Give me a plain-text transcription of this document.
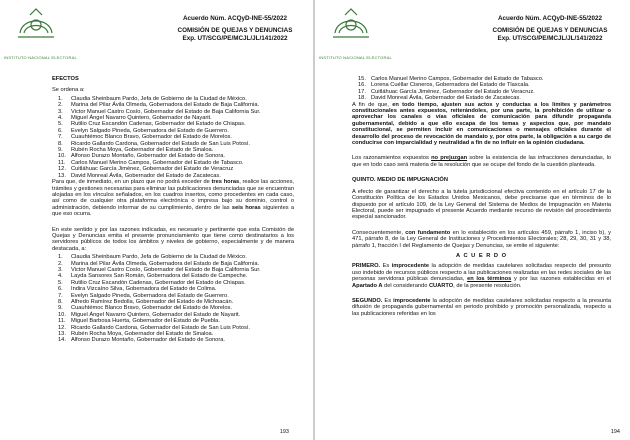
INSTITUTO NACIONAL ELECTORAL
Acuerdo Núm. ACQyD-INE-55/2022
COMISIÓN DE QUEJAS Y DENUNCIAS
Exp. UT/SCG/PE/MCJL/JL/141/2022
EFECTOS

Se ordena a:

1.	Claudia Sheinbaum Pardo, Jefa de Gobierno de la Ciudad de México.
2.	Marina del Pilar Ávila Olmeda, Gobernadora del Estado de Baja California.
3.	Victor Manuel Castro Cosío, Gobernador del Estado de Baja California Sur.
4.	Miguel Ángel Navarro Quintero, Gobernador de Nayarit.
5.	Rutilio Cruz Escandón Cadenas, Gobernador del Estado de Chiapas.
6.	Evelyn Salgado Pineda, Gobernadora del Estado de Guerrero.
7.	Cuauhtémoc Blanco Bravo, Gobernador del Estado de Morelos.
8.	Ricardo Gallardo Cardona, Gobernador del Estado de San Luis Potosí.
9.	Rubén Rocha Moya, Gobernador del Estado de Sinaloa.
10. Alfonso Durazo Montaño, Gobernador del Estado de Sonora.
11. Carlos Manuel Merino Campos, Gobernador del Estado de Tabasco.
12. Cuitláhuac García Jiménez, Gobernador del Estado de Veracruz
13. David Monreal Ávila, Gobernador del Estado de Zacatecas.

Para que, de inmediato, en un plazo que no podrá exceder de tres horas, realice las acciones, trámites y gestiones necesarias para eliminar las publicaciones denunciadas que se encuentran alojadas en los vínculos señalados, en los cuadros insertos, como procedentes en cada caso, así como de cualquier otra plataforma electrónica o impresa bajo su dominio, control o administración, debiendo informar de su cumplimiento, dentro de las seis horas siguientes a que eso ocurra.

En este sentido y por las razones indicadas, es necesario y pertinente que esta Comisión de Quejas y Denuncias emita el presente pronunciamiento que tiene como destinatarios a los servidores públicos de todos los ámbitos y niveles de gobierno, especialmente y de manera destacada, a:

1.	Claudia Sheinbaum Pardo, Jefa de Gobierno de la Ciudad de México.
2.	Marina del Pilar Ávila Olmeda, Gobernadora del Estado de Baja California.
3.	Victor Manuel Castro Cosío, Gobernador del Estado de Baja California Sur.
4.	Layda Sansores San Román, Gobernadora del Estado de Campeche.
5.	Rutilio Cruz Escandón Cadenas, Gobernador del Estado de Chiapas.
6.	Indira Vizcaíno Silva, Gobernadora del Estado de Colima.
7.	Evelyn Salgado Pineda, Gobernadora del Estado de Guerrero.
8.	Alfredo Ramírez Bedolla, Gobernador del Estado de Michoacán.
9.	Cuauhtémoc Blanco Bravo, Gobernador del Estado de Morelos.
10. Miguel Ángel Navarro Quintero, Gobernador del Estado de Nayarit.
11. Miguel Barbosa Huerta, Gobernador del Estado de Puebla.
12. Ricardo Gallardo Cardona, Gobernador del Estado de San Luis Potosí.
13. Rubén Rocha Moya, Gobernador del Estado de Sinaloa.
14. Alfonso Durazo Montaño, Gobernador del Estado de Sonora.
193
INSTITUTO NACIONAL ELECTORAL
Acuerdo Núm. ACQyD-INE-55/2022
COMISIÓN DE QUEJAS Y DENUNCIAS
Exp. UT/SCG/PE/MCJL/JL/141/2022
15. Carlos Manuel Merino Campos, Gobernador del Estado de Tabasco.
16. Lorena Cuéllar Cisneros, Gobernadora del Estado de Tlaxcala.
17. Cuitláhuac García Jiménez, Gobernador del Estado de Veracruz.
18. David Monreal Ávila, Gobernador del Estado de Zacatecas.

A fin de que, en todo tiempo, ajusten sus actos y conductas a los límites y parámetros constitucionales antes expuestos, reiterándoles, por una parte, la prohibición de utilizar o aprovechar los canales o vías oficiales de comunicación para difundir propaganda gubernamental, debido a que ello escapa de los temas y aspectos que, por mandato constitucional, se permiten incluir en comunicaciones o mensajes oficiales durante el desarrollo del proceso de revocación de mandato y, por otra parte, la obligación a su cargo de conducirse con imparcialidad y neutralidad a fin de no influir en la opinión ciudadana.

Los razonamientos expuestos no prejuzgan sobre la existencia de las infracciones denunciadas, lo que en todo caso será materia de la resolución que se ocupe del fondo de la cuestión planteada.

QUINTO. MEDIO DE IMPUGNACIÓN

A efecto de garantizar el derecho a la tutela jurisdiccional efectiva contenido en el artículo 17 de la Constitución Política de los Estados Unidos Mexicanos, debe precisarse que en términos de lo dispuesto por el artículo 109, de la Ley General del Sistema de Medios de Impugnación en Materia Electoral, puede ser impugnado el presente Acuerdo mediante recurso de revisión del procedimiento especial sancionador.

Consecuentemente, con fundamento en lo establecido en los artículos 459, párrafo 1, inciso b), y 471, párrafo 8, de la Ley General de Instituciones y Procedimientos Electorales; 28, 29, 30, 31 y 38, párrafo 1, fracción I del Reglamento de Quejas y Denuncias, se emite el siguiente:

A C U E R D O

PRIMERO. Es improcedente la adopción de medidas cautelares solicitadas respecto del presunto uso indebido de recursos públicos respecto a las publicaciones realizadas en las redes sociales de las personas servidoras públicas denunciadas, en los términos y por las razones establecidas en el Apartado A del considerando CUARTO, de la presente resolución.

SEGUNDO. Es improcedente la adopción de medidas cautelares solicitadas respecto a la presunta difusión de propaganda gubernamental en periodo prohibido y promoción personalizada, respecto a las publicaciones referidas en los

194
